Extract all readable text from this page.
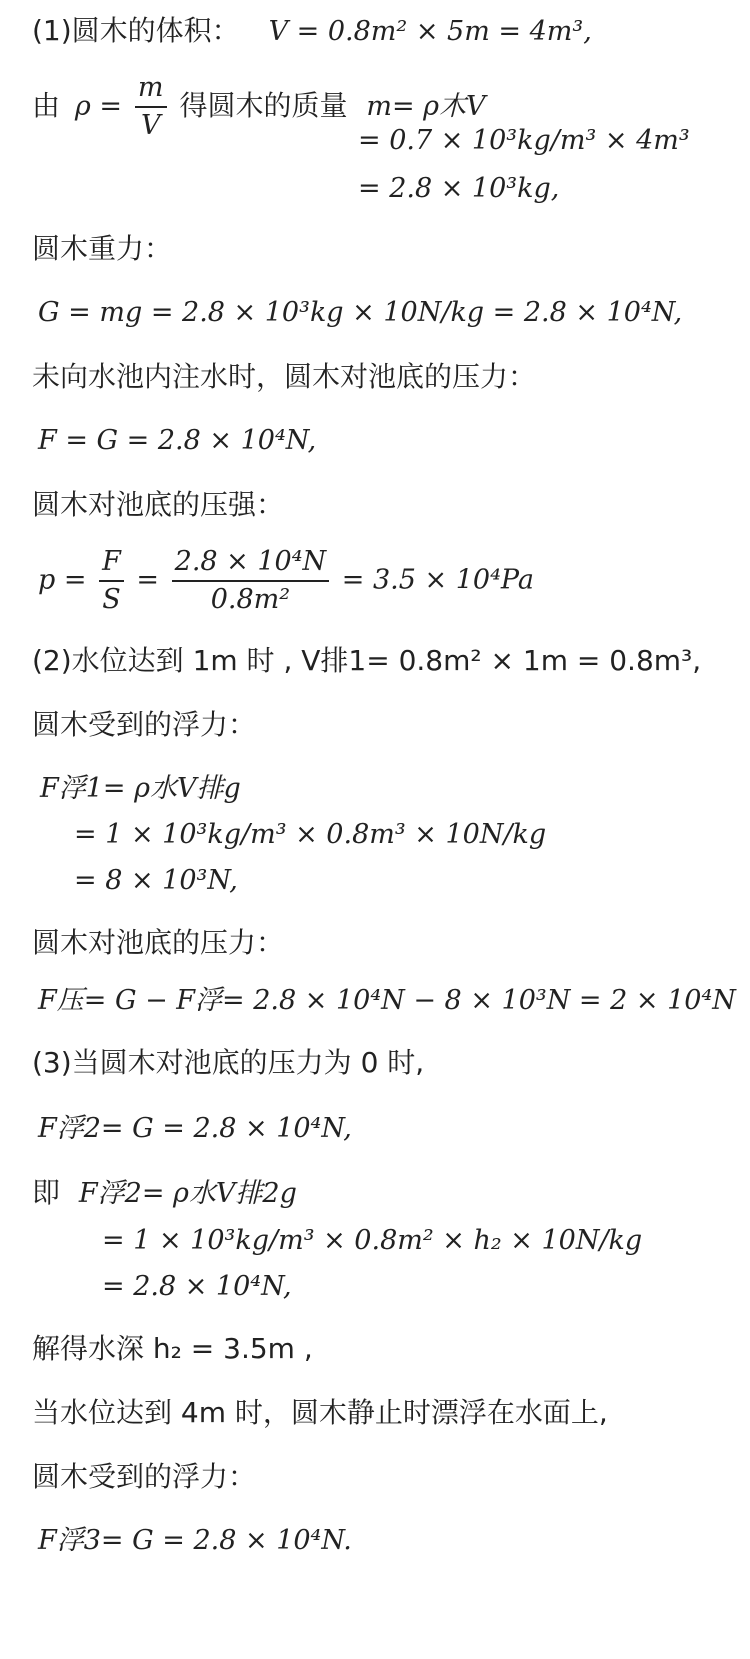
(1)圆木的体积： V = 0.8m² × 5m = 4m³,
由 $\rho = \frac{m}{V}$ 得圆木的质量 m= ρ木V
= 0.7 × 10³kg/m³ × 4m³
= 2.8 × 10³kg,
圆木重力：
G = mg = 2.8 × 10³kg × 10N/kg = 2.8 × 10⁴N,
未向水池内注水时，圆木对池底的压力：
F = G = 2.8 × 10⁴N,
圆木对池底的压强：
$p = \frac{F}{S} = \frac{\text{2.8 × 10⁴N}}{\text{0.8m²}} = 3.5 \times 10^4Pa$
(2)水位达到 1m 时 , V排1= 0.8m² × 1m = 0.8m³,
圆木受到的浮力：
F浮1= ρ水V排g
= 1 × 10³kg/m³ × 0.8m³ × 10N/kg
= 8 × 10³N,
圆木对池底的压力：
F压= G − F浮= 2.8 × 10⁴N − 8 × 10³N = 2 × 10⁴N
(3)当圆木对池底的压力为 0 时,
F浮2= G = 2.8 × 10⁴N,
即 F浮2= ρ水V排2g
= 1 × 10³kg/m³ × 0.8m² × h₂ × 10N/kg
= 2.8 × 10⁴N,
解得水深 h₂ = 3.5m ,
当水位达到 4m 时，圆木静止时漂浮在水面上,
圆木受到的浮力：
F浮3= G = 2.8 × 10⁴N.
